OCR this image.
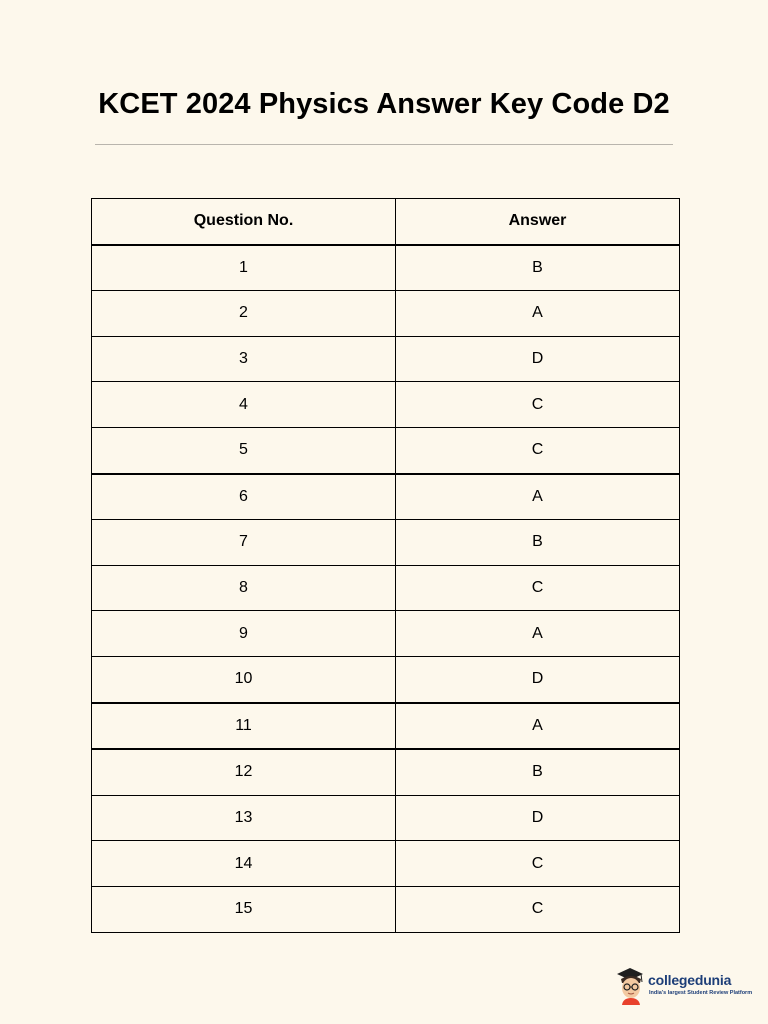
KCET 2024 Physics Answer Key Code D2
Question No.	Answer
1	B
2	A
3	D
4	C
5	C
6	A
7	B
8	C
9	A
10	D
11	A
12	B
13	D
14	C
15	C
collegedunia
India's largest Student Review Platform
